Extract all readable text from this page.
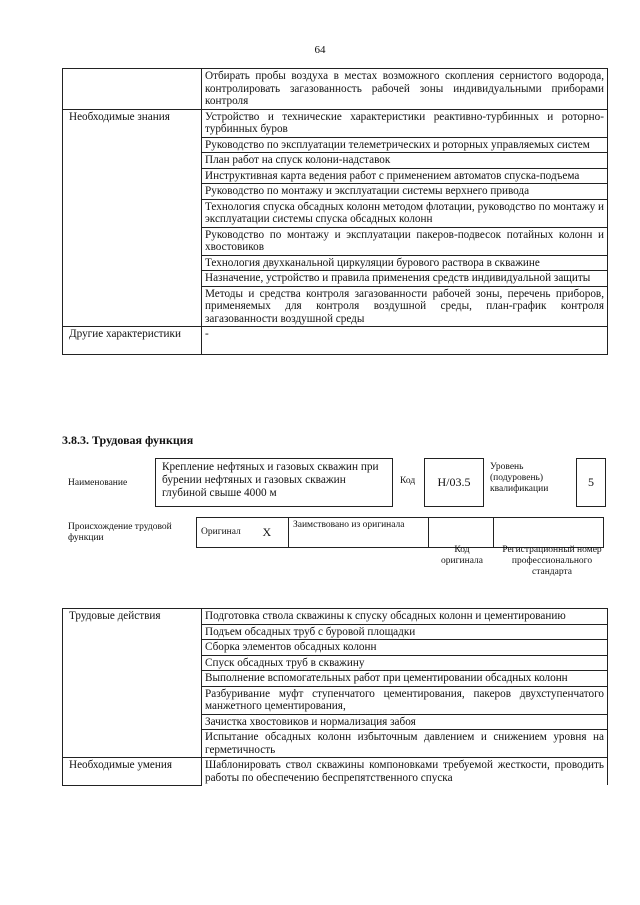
64
	Отбирать пробы воздуха в местах возможного скопления сернистого водорода, контролировать загазованность рабочей зоны индивидуальными приборами контроля
Необходимые знания	Устройство и технические характеристики реактивно-турбинных и роторно-турбинных буров
	Руководство по эксплуатации телеметрических и роторных управляемых систем
	План работ на спуск колони-надставок
	Инструктивная карта ведения работ с применением автоматов спуска-подъема
	Руководство по монтажу и эксплуатации системы верхнего привода
	Технология спуска обсадных колонн методом флотации, руководство по монтажу и эксплуатации системы спуска обсадных колонн
	Руководство по монтажу и эксплуатации пакеров-подвесок потайных колонн и хвостовиков
	Технология двухканальной циркуляции бурового раствора в скважине
	Назначение, устройство и правила применения средств индивидуальной защиты
	Методы и средства контроля загазованности рабочей зоны, перечень приборов, применяемых для контроля воздушной среды, план-график контроля загазованности воздушной среды
Другие характеристики	-
3.8.3. Трудовая функция
Наименование
Крепление нефтяных и газовых скважин при бурении нефтяных и газовых скважин глубиной свыше 4000 м
Код	H/03.5
Уровень (подуровень) квалификации	5
Происхождение трудовой функции
Оригинал	X	Заимствовано из оригинала		
Код оригинала
Регистрационный номер профессионального стандарта
Трудовые действия	Подготовка ствола скважины к спуску обсадных колонн и цементированию
	Подъем обсадных труб с буровой площадки
	Сборка элементов обсадных колонн
	Спуск обсадных труб в скважину
	Выполнение вспомогательных работ при цементировании обсадных колонн
	Разбуривание муфт ступенчатого цементирования, пакеров двухступенчатого манжетного цементирования,
	Зачистка хвостовиков и нормализация забоя
	Испытание обсадных колонн избыточным давлением и снижением уровня на герметичность
Необходимые умения	Шаблонировать ствол скважины компоновками требуемой жесткости, проводить работы по обеспечению беспрепятственного спуска
